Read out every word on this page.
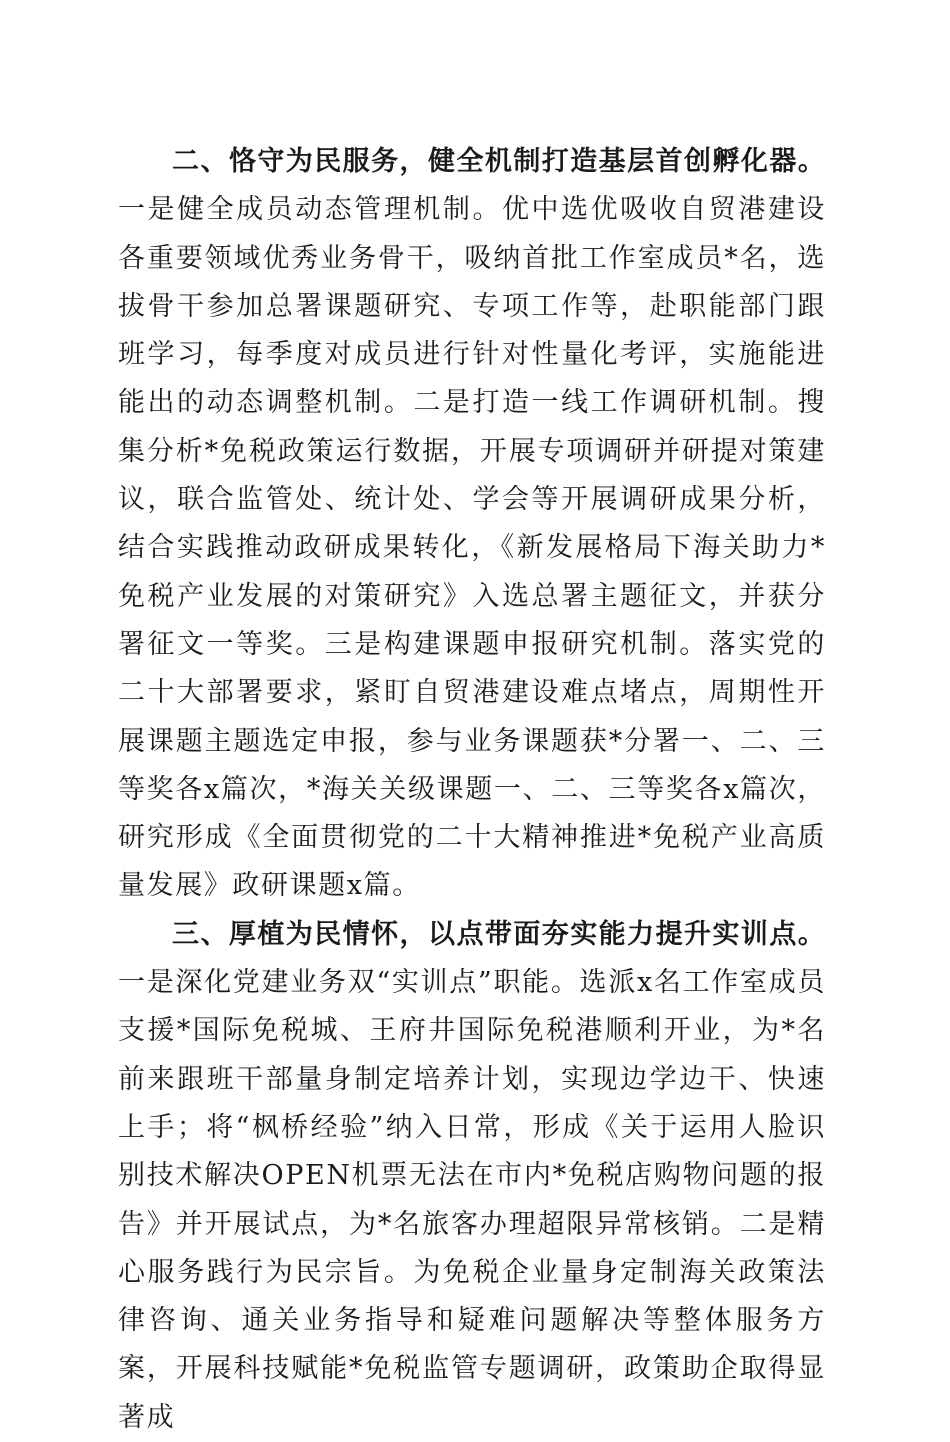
二、恪守为民服务，健全机制打造基层首创孵化器。一是健全成员动态管理机制。优中选优吸收自贸港建设各重要领域优秀业务骨干，吸纳首批工作室成员*名，选拔骨干参加总署课题研究、专项工作等，赴职能部门跟班学习，每季度对成员进行针对性量化考评，实施能进能出的动态调整机制。二是打造一线工作调研机制。搜集分析*免税政策运行数据，开展专项调研并研提对策建议，联合监管处、统计处、学会等开展调研成果分析，结合实践推动政研成果转化，《新发展格局下海关助力*免税产业发展的对策研究》入选总署主题征文，并获分署征文一等奖。三是构建课题申报研究机制。落实党的二十大部署要求，紧盯自贸港建设难点堵点，周期性开展课题主题选定申报，参与业务课题获*分署一、二、三等奖各x篇次，*海关关级课题一、二、三等奖各x篇次，研究形成《全面贯彻党的二十大精神推进*免税产业高质量发展》政研课题x篇。

三、厚植为民情怀，以点带面夯实能力提升实训点。一是深化党建业务双“实训点”职能。选派x名工作室成员支援*国际免税城、王府井国际免税港顺利开业，为*名前来跟班干部量身制定培养计划，实现边学边干、快速上手；将“枫桥经验”纳入日常，形成《关于运用人脸识别技术解决OPEN机票无法在市内*免税店购物问题的报告》并开展试点，为*名旅客办理超限异常核销。二是精心服务践行为民宗旨。为免税企业量身定制海关政策法律咨询、通关业务指导和疑难问题解决等整体服务方案，开展科技赋能*免税监管专题调研，政策助企取得显著成
